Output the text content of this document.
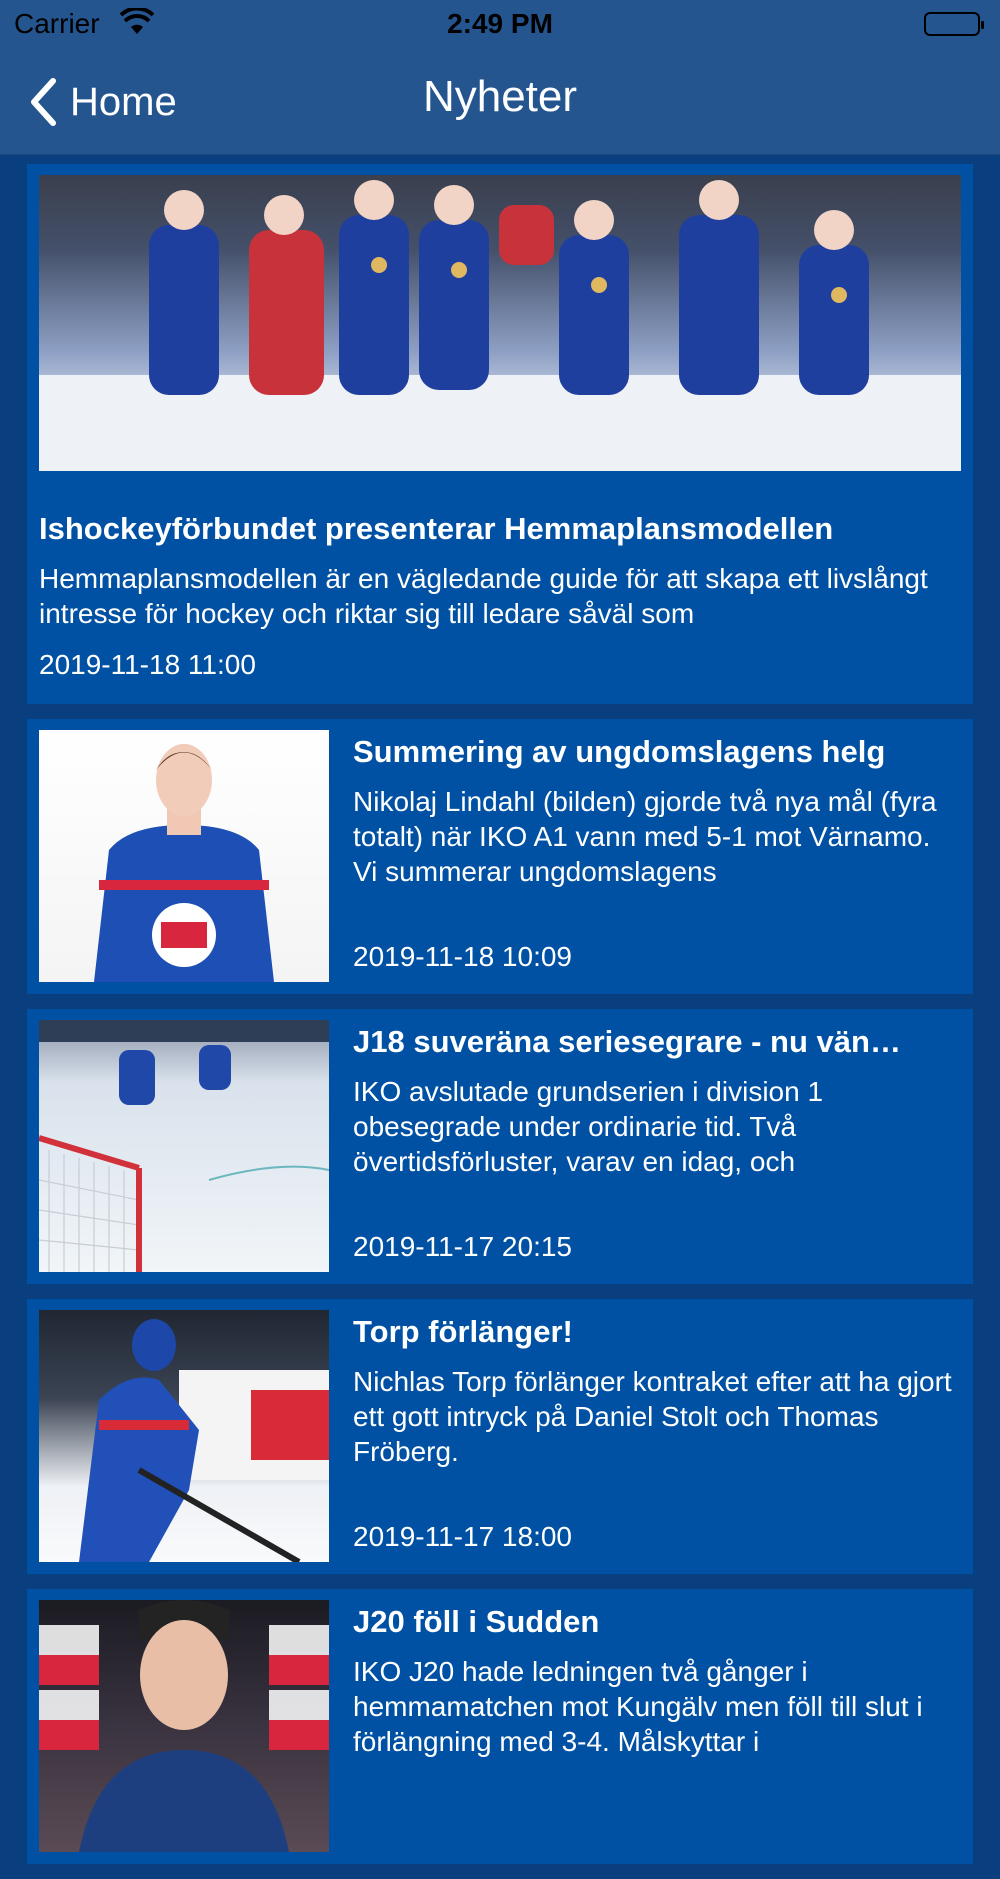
Carrier	2:49 PM
Home	Nyheter
Ishockeyförbundet presenterar Hemmaplansmodellen
Hemmaplansmodellen är en vägledande guide för att skapa ett livslångt intresse för hockey och riktar sig till ledare såväl som
2019-11-18 11:00
Summering av ungdomslagens helg
Nikolaj Lindahl (bilden) gjorde två nya mål (fyra totalt) när IKO A1 vann med 5-1 mot Värnamo. Vi summerar ungdomslagens
2019-11-18 10:09
J18 suveräna seriesegrare - nu vän…
IKO avslutade grundserien i division 1 obesegrade under ordinarie tid. Två övertidsförluster, varav en idag, och
2019-11-17 20:15
Torp förlänger!
Nichlas Torp förlänger kontraket efter att ha gjort ett gott intryck på Daniel Stolt och Thomas Fröberg.
2019-11-17 18:00
J20 föll i Sudden
IKO J20 hade ledningen två gånger i hemmamatchen mot Kungälv men föll till slut i förlängning med 3-4. Målskyttar i
